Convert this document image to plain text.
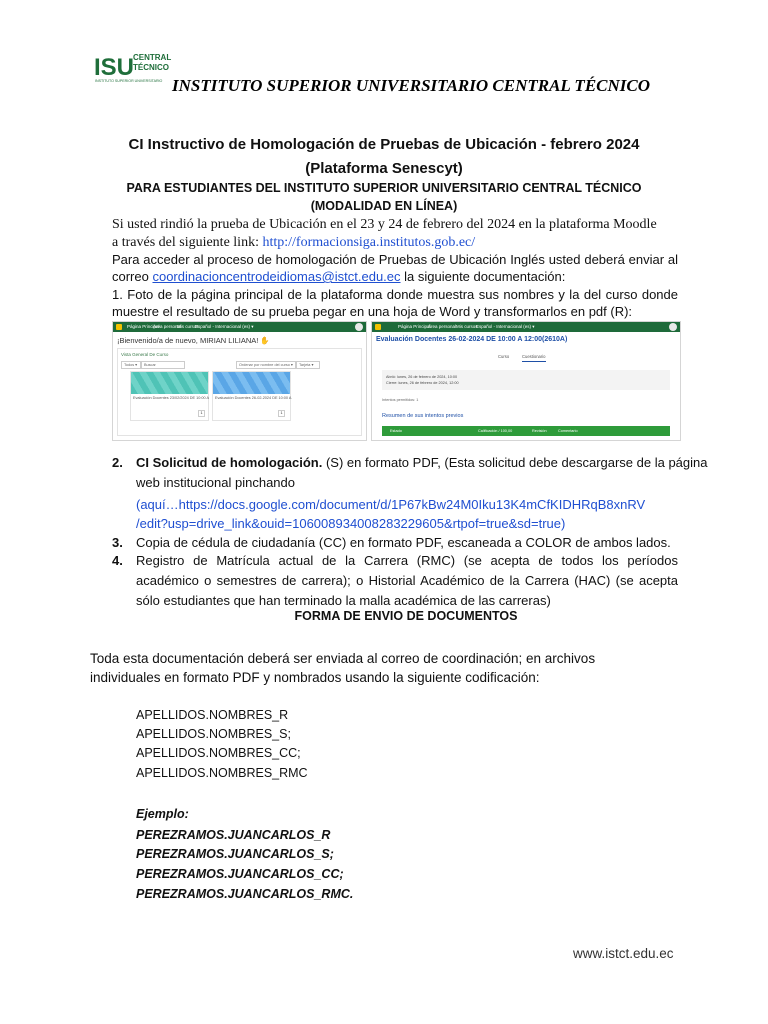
ISU
CENTRAL
TÉCNICO
INSTITUTO SUPERIOR UNIVERSITARIO INSTITUTO SUPERIOR UNIVERSITARIO CENTRAL TÉCNICO
CI Instructivo de Homologación de Pruebas de Ubicación - febrero 2024
(Plataforma Senescyt)
PARA ESTUDIANTES DEL INSTITUTO SUPERIOR UNIVERSITARIO CENTRAL TÉCNICO
(MODALIDAD EN LÍNEA)
Si usted rindió la prueba de Ubicación en el 23 y 24 de febrero del 2024 en la plataforma Moodle
a través del siguiente link: http://formacionsiga.institutos.gob.ec/
Para acceder al proceso de homologación de Pruebas de Ubicación Inglés usted deberá enviar al
correo coordinacioncentrodeidiomas@istct.edu.ec la siguiente documentación:
1. Foto de la página principal de la plataforma donde muestra sus nombres y la del curso donde
muestre el resultado de su prueba pegar en una hoja de Word y transformarlos en pdf (R):
Página Principal
Área personal
Mis cursos
Español - Internacional (es) ▾
¡Bienvenido/a de nuevo, MIRIAN LILIANA! ✋
Vista General De Curso
Todos ▾	Buscar	Ordenar por nombre del curso ▾	Tarjeta ▾
Evaluación Docentes 23/02/2024 DE 10:00 A	Evaluación Docentes 26-02-2024 DE 10:00 A
1	1
Página Principal
Área personal Mis cursos
Español - Internacional (es) ▾
Evaluación Docentes 26-02-2024 DE 10:00 A 12:00(2610A)
Curso	Cuestionario
Abrió: lunes, 26 de febrero de 2024, 10:00
Cierre: lunes, 26 de febrero de 2024, 12:00
Intentos permitidos: 1
Resumen de sus intentos previos
Estado	Calificación / 100,00	Revisión	Comentario
2. CI Solicitud de homologación. (S) en formato PDF, (Esta solicitud debe descargarse de la página
web institucional pinchando
(aquí…https://docs.google.com/document/d/1P67kBw24M0Iku13K4mCfKIDHRqB8xnRV
/edit?usp=drive_link&ouid=106008934008283229605&rtpof=true&sd=true)
3. Copia de cédula de ciudadanía (CC) en formato PDF, escaneada a COLOR de ambos lados.
4. Registro de Matrícula actual de la Carrera (RMC) (se acepta de todos los períodos
académico o semestres de carrera); o Historial Académico de la Carrera (HAC) (se acepta
sólo estudiantes que han terminado la malla académica de las carreras)
FORMA DE ENVIO DE DOCUMENTOS
Toda esta documentación deberá ser enviada al correo de coordinación; en archivos
individuales en formato PDF y nombrados usando la siguiente codificación:
APELLIDOS.NOMBRES_R
APELLIDOS.NOMBRES_S;
APELLIDOS.NOMBRES_CC;
APELLIDOS.NOMBRES_RMC
Ejemplo:
PEREZRAMOS.JUANCARLOS_R
PEREZRAMOS.JUANCARLOS_S;
PEREZRAMOS.JUANCARLOS_CC;
PEREZRAMOS.JUANCARLOS_RMC.
www.istct.edu.ec
